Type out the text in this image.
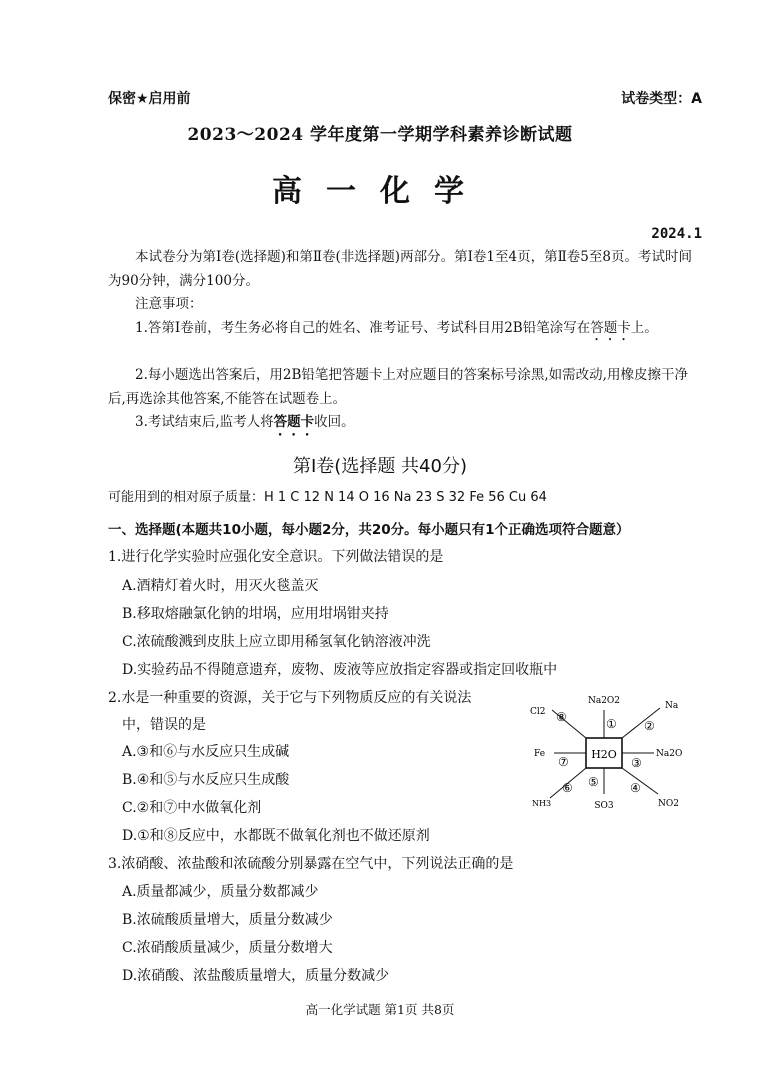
保密★启用前	试卷类型：A
2023～2024 学年度第一学期学科素养诊断试题
高一化学
2024.1
本试卷分为第Ⅰ卷(选择题)和第Ⅱ卷(非选择题)两部分。第Ⅰ卷1至4页，第Ⅱ卷5至8页。考试时间为90分钟，满分100分。
注意事项：
1.答第Ⅰ卷前，考生务必将自己的姓名、准考证号、考试科目用2B铅笔涂写在答题卡上。
2.每小题选出答案后，用2B铅笔把答题卡上对应题目的答案标号涂黑,如需改动,用橡皮擦干净后,再选涂其他答案,不能答在试题卷上。
3.考试结束后,监考人将答题卡收回。
第Ⅰ卷(选择题 共40分)
可能用到的相对原子质量：H 1 C 12 N 14 O 16 Na 23 S 32 Fe 56 Cu 64
一、选择题(本题共10小题，每小题2分，共20分。每小题只有1个正确选项符合题意）
1.进行化学实验时应强化安全意识。下列做法错误的是
A.酒精灯着火时，用灭火毯盖灭
B.移取熔融氯化钠的坩埚，应用坩埚钳夹持
C.浓硫酸溅到皮肤上应立即用稀氢氧化钠溶液冲洗
D.实验药品不得随意遗弃，废物、废液等应放指定容器或指定回收瓶中
2.水是一种重要的资源，关于它与下列物质反应的有关说法
中，错误的是
A.③和⑥与水反应只生成碱
B.④和⑤与水反应只生成酸
C.②和⑦中水做氧化剂
D.①和⑧反应中，水都既不做氧化剂也不做还原剂
H2O
Na2O2	Na
Na2O
NO2
SO3
NH3
Fe
Cl2
① ②
③
④
⑤
⑥
⑦
⑧
3.浓硝酸、浓盐酸和浓硫酸分别暴露在空气中，下列说法正确的是
A.质量都减少，质量分数都减少
B.浓硫酸质量增大，质量分数减少
C.浓硝酸质量减少，质量分数增大
D.浓硝酸、浓盐酸质量增大，质量分数减少
高一化学试题 第1页 共8页
